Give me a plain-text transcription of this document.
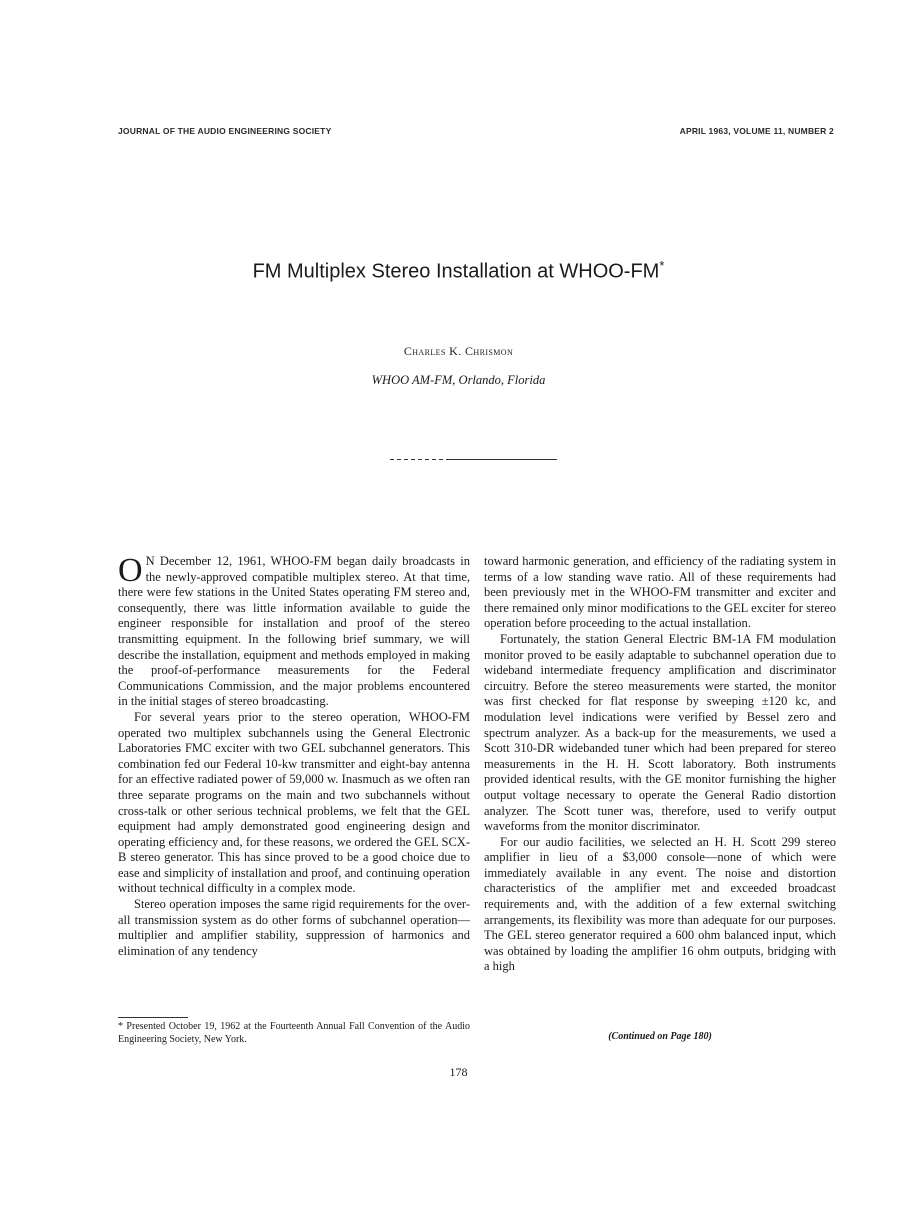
JOURNAL OF THE AUDIO ENGINEERING SOCIETY	APRIL 1963, VOLUME 11, NUMBER 2
FM Multiplex Stereo Installation at WHOO-FM*
Charles K. Chrismon
WHOO AM-FM, Orlando, Florida

O N December 12, 1961, WHOO-FM began daily broadcasts in the newly-approved compatible multiplex stereo. At that time, there were few stations in the United States operating FM stereo and, consequently, there was little information available to guide the engineer responsible for installation and proof of the stereo transmitting equipment. In the following brief summary, we will describe the installation, equipment and methods employed in making the proof-of-performance measurements for the Federal Communications Commission, and the major problems encountered in the initial stages of stereo broadcasting.

For several years prior to the stereo operation, WHOO-FM operated two multiplex subchannels using the General Electronic Laboratories FMC exciter with two GEL subchannel generators. This combination fed our Federal 10-kw transmitter and eight-bay antenna for an effective radiated power of 59,000 w. Inasmuch as we often ran three separate programs on the main and two subchannels without cross-talk or other serious technical problems, we felt that the GEL equipment had amply demonstrated good engineering design and operating efficiency and, for these reasons, we ordered the GEL SCX-B stereo generator. This has since proved to be a good choice due to ease and simplicity of installation and proof, and continuing operation without technical difficulty in a complex mode.

Stereo operation imposes the same rigid requirements for the over-all transmission system as do other forms of subchannel operation—multiplier and amplifier stability, suppression of harmonics and elimination of any tendency

toward harmonic generation, and efficiency of the radiating system in terms of a low standing wave ratio. All of these requirements had been previously met in the WHOO-FM transmitter and exciter and there remained only minor modifications to the GEL exciter for stereo operation before proceeding to the actual installation.

Fortunately, the station General Electric BM-1A FM modulation monitor proved to be easily adaptable to subchannel operation due to wideband intermediate frequency amplification and discriminator circuitry. Before the stereo measurements were started, the monitor was first checked for flat response by sweeping ±120 kc, and modulation level indications were verified by Bessel zero and spectrum analyzer. As a back-up for the measurements, we used a Scott 310-DR widebanded tuner which had been prepared for stereo measurements in the H. H. Scott laboratory. Both instruments provided identical results, with the GE monitor furnishing the higher output voltage necessary to operate the General Radio distortion analyzer. The Scott tuner was, therefore, used to verify output waveforms from the monitor discriminator.

For our audio facilities, we selected an H. H. Scott 299 stereo amplifier in lieu of a $3,000 console—none of which were immediately available in any event. The noise and distortion characteristics of the amplifier met and exceeded broadcast requirements and, with the addition of a few external switching arrangements, its flexibility was more than adequate for our purposes. The GEL stereo generator required a 600 ohm balanced input, which was obtained by loading the amplifier 16 ohm outputs, bridging with a high

* Presented October 19, 1962 at the Fourteenth Annual Fall Convention of the Audio Engineering Society, New York.	(Continued on Page 180)
178
